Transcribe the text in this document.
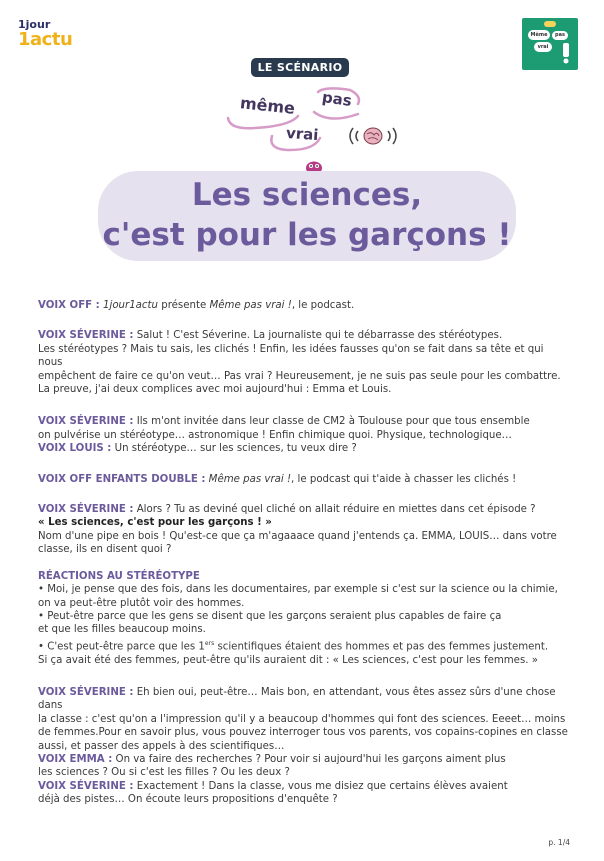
1jour
1actu	Même	pas
vrai
LE SCÉNARIO
même pas
vrai
Les sciences,
c'est pour les garçons !

VOIX OFF : 1jour1actu présente Même pas vrai !, le podcast.

VOIX SÉVERINE : Salut ! C'est Séverine. La journaliste qui te débarrasse des stéréotypes.

Les stéréotypes ? Mais tu sais, les clichés ! Enfin, les idées fausses qu'on se fait dans sa tête et qui nous

empêchent de faire ce qu'on veut… Pas vrai ? Heureusement, je ne suis pas seule pour les combattre.

La preuve, j'ai deux complices avec moi aujourd'hui : Emma et Louis.

VOIX SÉVERINE : Ils m'ont invitée dans leur classe de CM2 à Toulouse pour que tous ensemble

on pulvérise un stéréotype… astronomique ! Enfin chimique quoi. Physique, technologique…

VOIX LOUIS : Un stéréotype… sur les sciences, tu veux dire ?

VOIX OFF ENFANTS DOUBLE : Même pas vrai !, le podcast qui t'aide à chasser les clichés !

VOIX SÉVERINE : Alors ? Tu as deviné quel cliché on allait réduire en miettes dans cet épisode ?

« Les sciences, c'est pour les garçons ! »

Nom d'une pipe en bois ! Qu'est-ce que ça m'agaaace quand j'entends ça. EMMA, LOUIS… dans votre

classe, ils en disent quoi ?

RÉACTIONS AU STÉRÉOTYPE

• Moi, je pense que des fois, dans les documentaires, par exemple si c'est sur la science ou la chimie,

on va peut-être plutôt voir des hommes.

• Peut-être parce que les gens se disent que les garçons seraient plus capables de faire ça

et que les filles beaucoup moins.

• C'est peut-être parce que les 1ers scientifiques étaient des hommes et pas des femmes justement.

Si ça avait été des femmes, peut-être qu'ils auraient dit : « Les sciences, c'est pour les femmes. »

VOIX SÉVERINE : Eh bien oui, peut-être… Mais bon, en attendant, vous êtes assez sûrs d'une chose dans

la classe : c'est qu'on a l'impression qu'il y a beaucoup d'hommes qui font des sciences. Eeeet… moins

de femmes.Pour en savoir plus, vous pouvez interroger tous vos parents, vos copains-copines en classe

aussi, et passer des appels à des scientifiques…

VOIX EMMA : On va faire des recherches ? Pour voir si aujourd'hui les garçons aiment plus

les sciences ? Ou si c'est les filles ? Ou les deux ?

VOIX SÉVERINE : Exactement ! Dans la classe, vous me disiez que certains élèves avaient

déjà des pistes… On écoute leurs propositions d'enquête ?

p. 1/4
